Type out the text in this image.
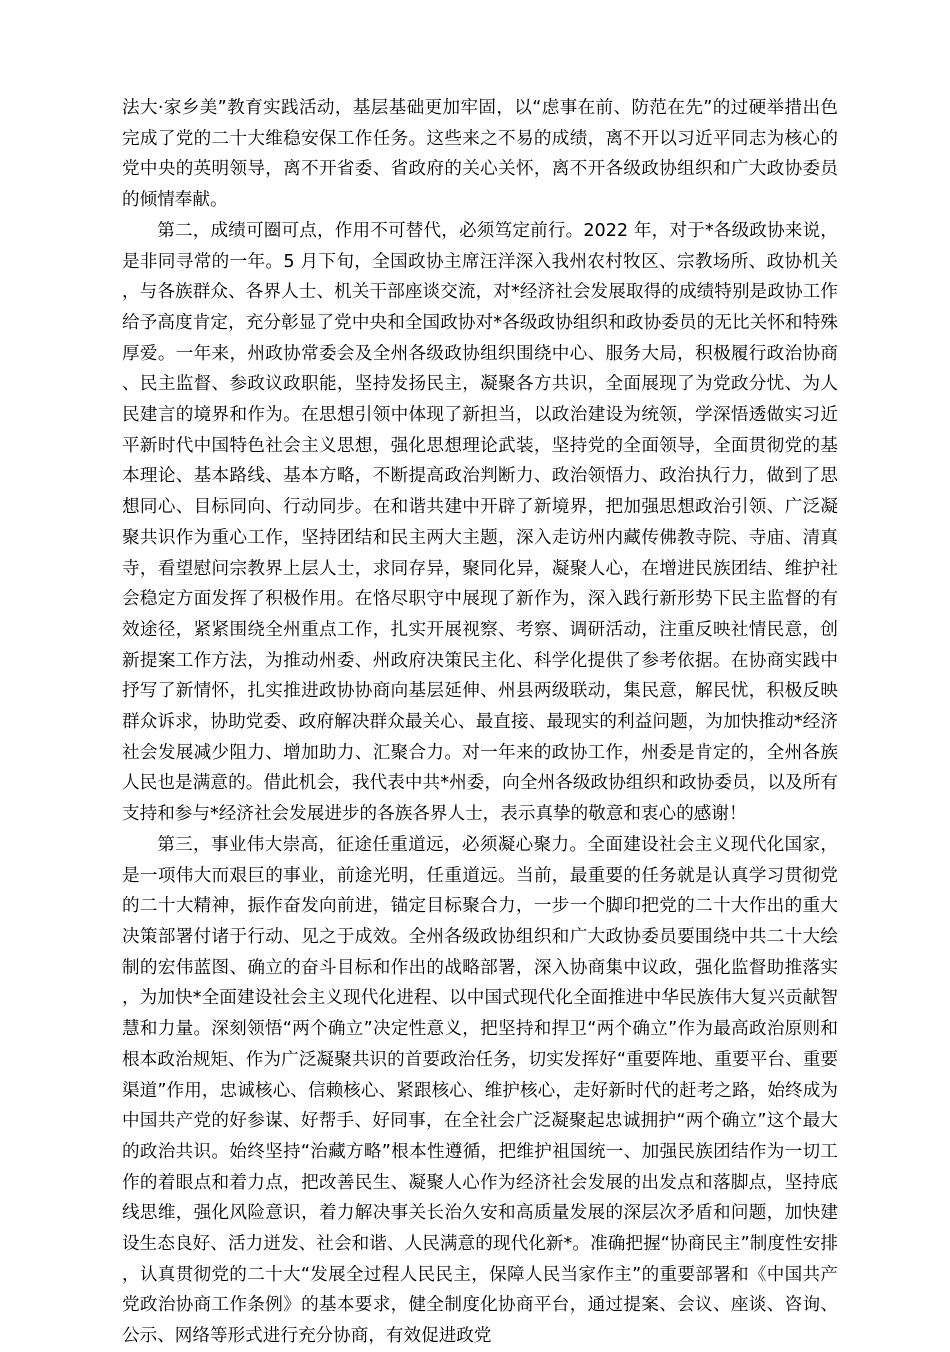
法大·家乡美”教育实践活动，基层基础更加牢固，以“虑事在前、防范在先”的过硬举措出色完成了党的二十大维稳安保工作任务。这些来之不易的成绩，离不开以习近平同志为核心的党中央的英明领导，离不开省委、省政府的关心关怀，离不开各级政协组织和广大政协委员的倾情奉献。

第二，成绩可圈可点，作用不可替代，必须笃定前行。2022 年，对于*各级政协来说，是非同寻常的一年。5 月下旬，全国政协主席汪洋深入我州农村牧区、宗教场所、政协机关，与各族群众、各界人士、机关干部座谈交流，对*经济社会发展取得的成绩特别是政协工作给予高度肯定，充分彰显了党中央和全国政协对*各级政协组织和政协委员的无比关怀和特殊厚爱。一年来，州政协常委会及全州各级政协组织围绕中心、服务大局，积极履行政治协商、民主监督、参政议政职能，坚持发扬民主，凝聚各方共识，全面展现了为党政分忧、为人民建言的境界和作为。在思想引领中体现了新担当，以政治建设为统领，学深悟透做实习近平新时代中国特色社会主义思想，强化思想理论武装，坚持党的全面领导，全面贯彻党的基本理论、基本路线、基本方略，不断提高政治判断力、政治领悟力、政治执行力，做到了思想同心、目标同向、行动同步。在和谐共建中开辟了新境界，把加强思想政治引领、广泛凝聚共识作为重心工作，坚持团结和民主两大主题，深入走访州内藏传佛教寺院、寺庙、清真寺，看望慰问宗教界上层人士，求同存异，聚同化异，凝聚人心，在增进民族团结、维护社会稳定方面发挥了积极作用。在恪尽职守中展现了新作为，深入践行新形势下民主监督的有效途径，紧紧围绕全州重点工作，扎实开展视察、考察、调研活动，注重反映社情民意，创新提案工作方法，为推动州委、州政府决策民主化、科学化提供了参考依据。在协商实践中抒写了新情怀，扎实推进政协协商向基层延伸、州县两级联动，集民意，解民忧，积极反映群众诉求，协助党委、政府解决群众最关心、最直接、最现实的利益问题，为加快推动*经济社会发展减少阻力、增加助力、汇聚合力。对一年来的政协工作，州委是肯定的，全州各族人民也是满意的。借此机会，我代表中共*州委，向全州各级政协组织和政协委员，以及所有支持和参与*经济社会发展进步的各族各界人士，表示真挚的敬意和衷心的感谢！

第三，事业伟大崇高，征途任重道远，必须凝心聚力。全面建设社会主义现代化国家，是一项伟大而艰巨的事业，前途光明，任重道远。当前，最重要的任务就是认真学习贯彻党的二十大精神，振作奋发向前进，锚定目标聚合力，一步一个脚印把党的二十大作出的重大决策部署付诸于行动、见之于成效。全州各级政协组织和广大政协委员要围绕中共二十大绘制的宏伟蓝图、确立的奋斗目标和作出的战略部署，深入协商集中议政，强化监督助推落实，为加快*全面建设社会主义现代化进程、以中国式现代化全面推进中华民族伟大复兴贡献智慧和力量。深刻领悟“两个确立”决定性意义，把坚持和捍卫“两个确立”作为最高政治原则和根本政治规矩、作为广泛凝聚共识的首要政治任务，切实发挥好“重要阵地、重要平台、重要渠道”作用，忠诚核心、信赖核心、紧跟核心、维护核心，走好新时代的赶考之路，始终成为中国共产党的好参谋、好帮手、好同事，在全社会广泛凝聚起忠诚拥护“两个确立”这个最大的政治共识。始终坚持“治藏方略”根本性遵循，把维护祖国统一、加强民族团结作为一切工作的着眼点和着力点，把改善民生、凝聚人心作为经济社会发展的出发点和落脚点，坚持底线思维，强化风险意识，着力解决事关长治久安和高质量发展的深层次矛盾和问题，加快建设生态良好、活力迸发、社会和谐、人民满意的现代化新*。准确把握“协商民主”制度性安排，认真贯彻党的二十大“发展全过程人民民主，保障人民当家作主”的重要部署和《中国共产党政治协商工作条例》的基本要求，健全制度化协商平台，通过提案、会议、座谈、咨询、公示、网络等形式进行充分协商，有效促进政党
